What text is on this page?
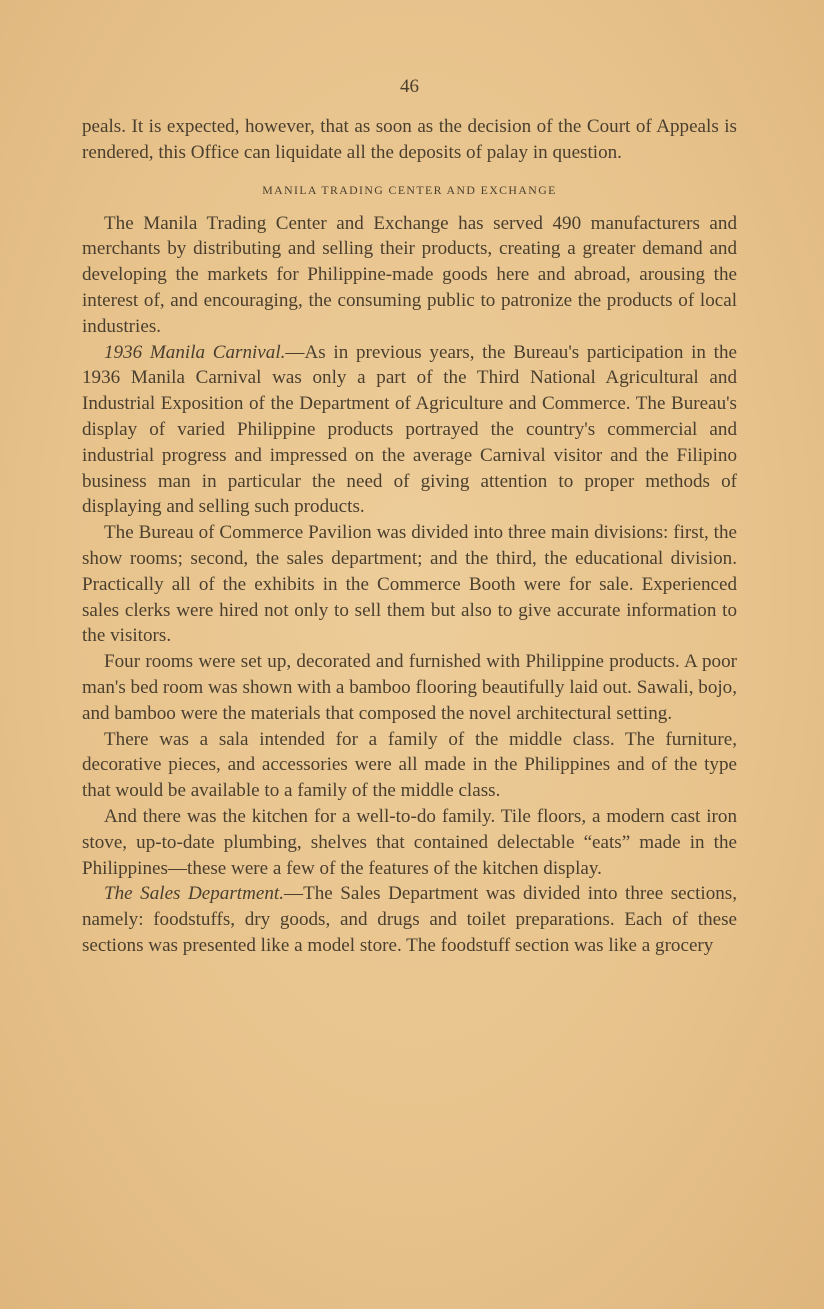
46

peals. It is expected, however, that as soon as the decision of the Court of Appeals is rendered, this Office can liquidate all the deposits of palay in question.

MANILA TRADING CENTER AND EXCHANGE

The Manila Trading Center and Exchange has served 490 manufacturers and merchants by distributing and selling their products, creating a greater demand and developing the markets for Philippine-made goods here and abroad, arousing the interest of, and encouraging, the consuming public to patronize the products of local industries.

1936 Manila Carnival.—As in previous years, the Bureau's participation in the 1936 Manila Carnival was only a part of the Third National Agricultural and Industrial Exposition of the Department of Agriculture and Commerce. The Bureau's display of varied Philippine products portrayed the country's commercial and industrial progress and impressed on the average Carnival visitor and the Filipino business man in particular the need of giving attention to proper methods of displaying and selling such products.

The Bureau of Commerce Pavilion was divided into three main divisions: first, the show rooms; second, the sales department; and the third, the educational division. Practically all of the exhibits in the Commerce Booth were for sale. Experienced sales clerks were hired not only to sell them but also to give accurate information to the visitors.

Four rooms were set up, decorated and furnished with Philippine products. A poor man's bed room was shown with a bamboo flooring beautifully laid out. Sawali, bojo, and bamboo were the materials that composed the novel architectural setting.

There was a sala intended for a family of the middle class. The furniture, decorative pieces, and accessories were all made in the Philippines and of the type that would be available to a family of the middle class.

And there was the kitchen for a well-to-do family. Tile floors, a modern cast iron stove, up-to-date plumbing, shelves that contained delectable “eats” made in the Philippines—these were a few of the features of the kitchen display.

The Sales Department.—The Sales Department was divided into three sections, namely: foodstuffs, dry goods, and drugs and toilet preparations. Each of these sections was presented like a model store. The foodstuff section was like a grocery
